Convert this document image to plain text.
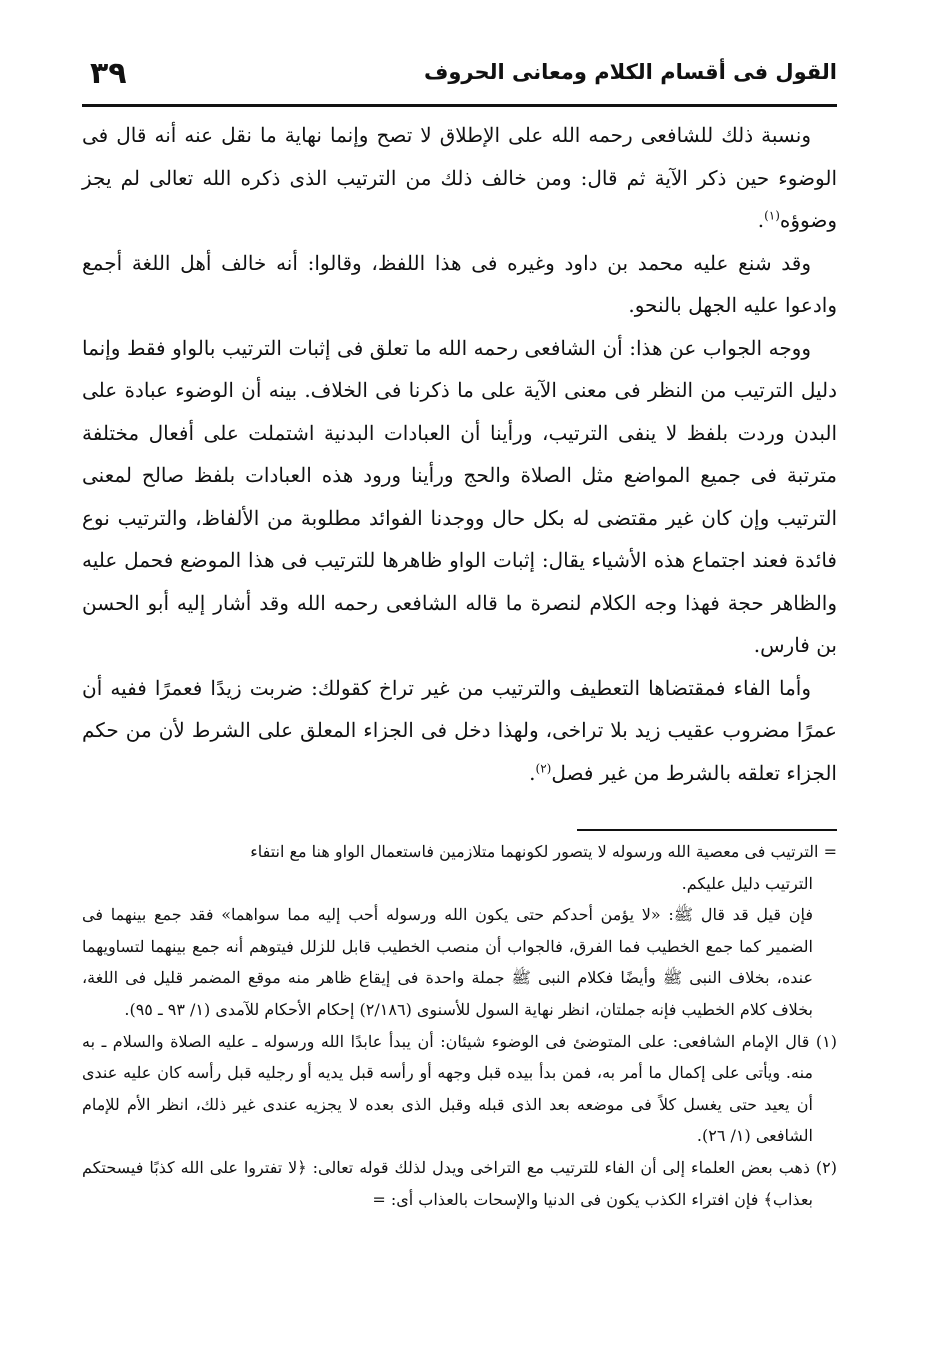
القول فى أقسام الكلام ومعانى الحروف
٣٩

ونسبة ذلك للشافعى رحمه الله على الإطلاق لا تصح وإنما نهاية ما نقل عنه أنه قال فى الوضوء حين ذكر الآية ثم قال: ومن خالف ذلك من الترتيب الذى ذكره الله تعالى لم يجز وضوؤه$^{(١)}$.

وقد شنع عليه محمد بن داود وغيره فى هذا اللفظ، وقالوا: أنه خالف أهل اللغة أجمع وادعوا عليه الجهل بالنحو.

ووجه الجواب عن هذا: أن الشافعى رحمه الله ما تعلق فى إثبات الترتيب بالواو فقط وإنما دليل الترتيب من النظر فى معنى الآية على ما ذكرنا فى الخلاف. بينه أن الوضوء عبادة على البدن وردت بلفظ لا ينفى الترتيب، ورأينا أن العبادات البدنية اشتملت على أفعال مختلفة مترتبة فى جميع المواضع مثل الصلاة والحج ورأينا ورود هذه العبادات بلفظ صالح لمعنى الترتيب وإن كان غير مقتضى له بكل حال ووجدنا الفوائد مطلوبة من الألفاظ، والترتيب نوع فائدة فعند اجتماع هذه الأشياء يقال: إثبات الواو ظاهرها للترتيب فى هذا الموضع فحمل عليه والظاهر حجة فهذا وجه الكلام لنصرة ما قاله الشافعى رحمه الله وقد أشار إليه أبو الحسن بن فارس.

وأما الفاء فمقتضاها التعطيف والترتيب من غير تراخ كقولك: ضربت زيدًا فعمرًا ففيه أن عمرًا مضروب عقيب زيد بلا تراخى، ولهذا دخل فى الجزاء المعلق على الشرط لأن من حكم الجزاء تعلقه بالشرط من غير فصل$^{(٢)}$.

= الترتيب فى معصية الله ورسوله لا يتصور لكونهما متلازمين فاستعمال الواو هنا مع انتفاء

الترتيب دليل عليكم.

فإن قيل قد قال ﷺ: «لا يؤمن أحدكم حتى يكون الله ورسوله أحب إليه مما سواهما» فقد جمع بينهما فى الضمير كما جمع الخطيب فما الفرق، فالجواب أن منصب الخطيب قابل للزلل فيتوهم أنه جمع بينهما لتساويهما عنده، بخلاف النبى ﷺ وأيضًا فكلام النبى ﷺ جملة واحدة فى إيقاع ظاهر منه موقع المضمر قليل فى اللغة، بخلاف كلام الخطيب فإنه جملتان، انظر نهاية السول للأسنوى (٢/١٨٦) إحكام الأحكام للآمدى (١/ ٩٣ ـ ٩٥).

(١) قال الإمام الشافعى: على المتوضئ فى الوضوء شيئان: أن يبدأ عابدًا الله ورسوله ـ عليه الصلاة والسلام ـ به منه. ويأتى على إكمال ما أمر به، فمن بدأ بيده قبل وجهه أو رأسه قبل يديه أو رجليه قبل رأسه كان عليه عندى أن يعيد حتى يغسل كلاً فى موضعه بعد الذى قبله وقبل الذى بعده لا يجزيه عندى غير ذلك، انظر الأم للإمام الشافعى (١/ ٢٦).

(٢) ذهب بعض العلماء إلى أن الفاء للترتيب مع التراخى ويدل لذلك قوله تعالى: ﴿لا تفتروا على الله كذبًا فيسحتكم بعذاب﴾ فإن افتراء الكذب يكون فى الدنيا والإسحات بالعذاب أى: =
